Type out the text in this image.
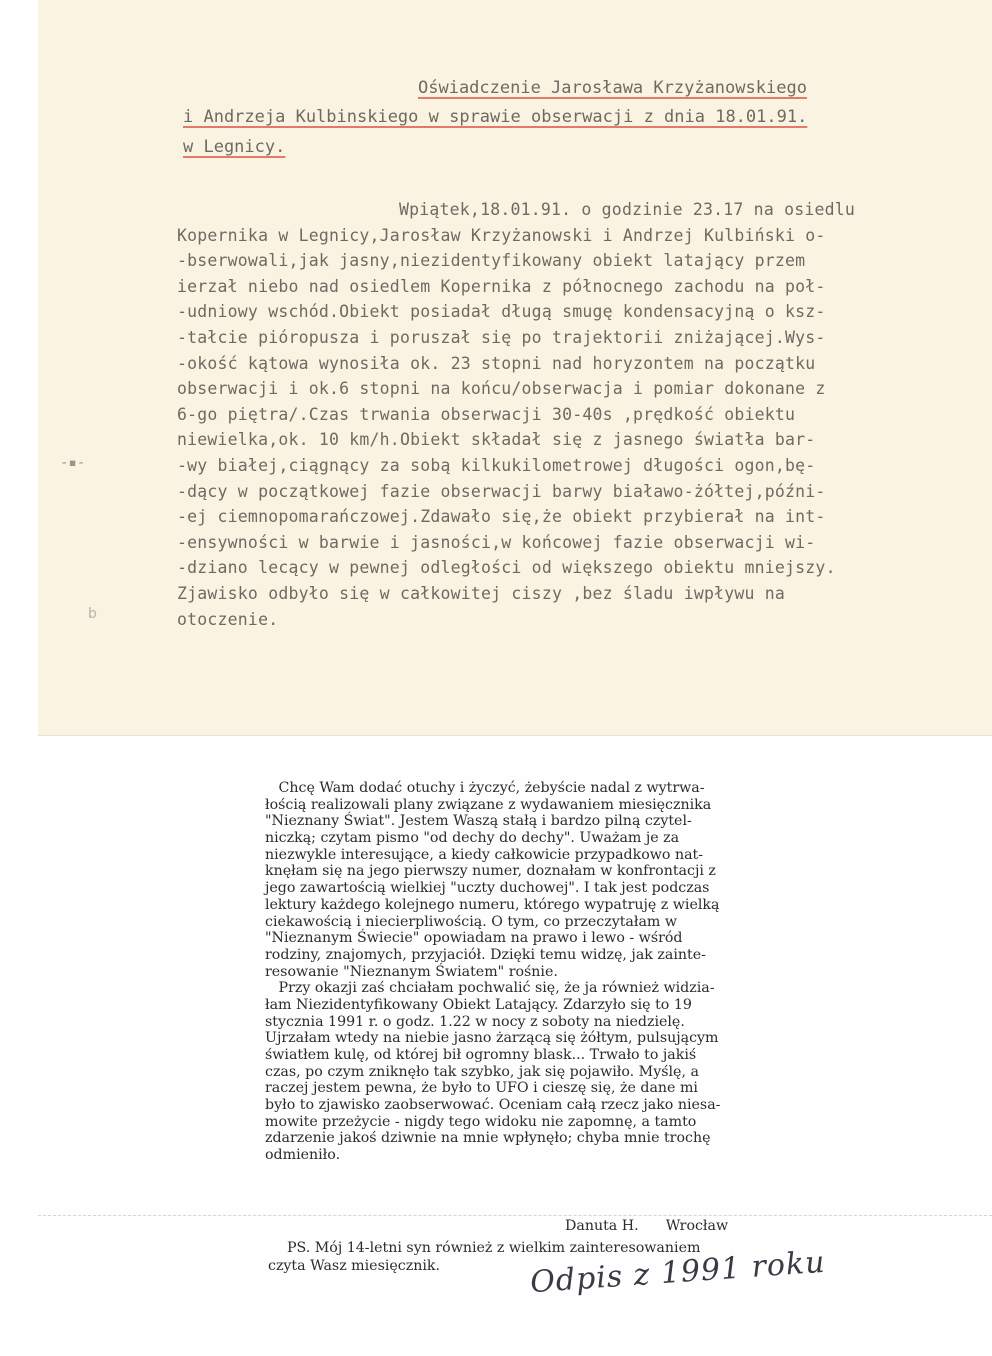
Oświadczenie Jarosława Krzyżanowskiego
i Andrzeja Kulbinskiego w sprawie obserwacji z dnia 18.01.91.
w Legnicy.
Wpiątek,18.01.91. o godzinie 23.17 na osiedlu
Kopernika w Legnicy,Jarosław Krzyżanowski i Andrzej Kulbiński o-
-bserwowali,jak jasny,niezidentyfikowany obiekt latający przem
ierzał niebo nad osiedlem Kopernika z północnego zachodu na poł-
-udniowy wschód.Obiekt posiadał długą smugę kondensacyjną o ksz-
-tałcie pióropusza i poruszał się po trajektorii zniżającej.Wys-
-okość kątowa wynosiła ok. 23 stopni nad horyzontem na początku
obserwacji i ok.6 stopni na końcu/obserwacja i pomiar dokonane z
6-go piętra/.Czas trwania obserwacji 30-40s ,prędkość obiektu
niewielka,ok. 10 km/h.Obiekt składał się z jasnego światła bar-
-wy białej,ciągnący za sobą kilkukilometrowej długości ogon,bę-
-dący w początkowej fazie obserwacji barwy białawo-żółtej,późni-
-ej ciemnopomarańczowej.Zdawało się,że obiekt przybierał na int-
-ensywności w barwie i jasności,w końcowej fazie obserwacji wi-
-dziano lecący w pewnej odległości od większego obiektu mniejszy.
Zjawisko odbyło się w całkowitej ciszy ,bez śladu iwpływu na
otoczenie.
-▪-
b
Chcę Wam dodać otuchy i życzyć, żebyście nadal z wytrwa-
łością realizowali plany związane z wydawaniem miesięcznika
"Nieznany Świat". Jestem Waszą stałą i bardzo pilną czytel-
niczką; czytam pismo "od dechy do dechy". Uważam je za
niezwykle interesujące, a kiedy całkowicie przypadkowo nat-
knęłam się na jego pierwszy numer, doznałam w konfrontacji z
jego zawartością wielkiej "uczty duchowej". I tak jest podczas
lektury każdego kolejnego numeru, którego wypatruję z wielką
ciekawością i niecierpliwością. O tym, co przeczytałam w
"Nieznanym Świecie" opowiadam na prawo i lewo - wśród
rodziny, znajomych, przyjaciół. Dzięki temu widzę, jak zainte-
resowanie "Nieznanym Światem" rośnie.
Przy okazji zaś chciałam pochwalić się, że ja również widzia-
łam Niezidentyfikowany Obiekt Latający. Zdarzyło się to 19
stycznia 1991 r. o godz. 1.22 w nocy z soboty na niedzielę.
Ujrzałam wtedy na niebie jasno żarzącą się żółtym, pulsującym
światłem kulę, od której bił ogromny blask... Trwało to jakiś
czas, po czym zniknęło tak szybko, jak się pojawiło. Myślę, a
raczej jestem pewna, że było to UFO i cieszę się, że dane mi
było to zjawisko zaobserwować. Oceniam całą rzecz jako niesa-
mowite przeżycie - nigdy tego widoku nie zapomnę, a tamto
zdarzenie jakoś dziwnie na mnie wpłynęło; chyba mnie trochę
odmieniło.
Danuta H.      Wrocław
PS. Mój 14-letni syn również z wielkim zainteresowaniem
czyta Wasz miesięcznik.	Odpis z 1991 roku
